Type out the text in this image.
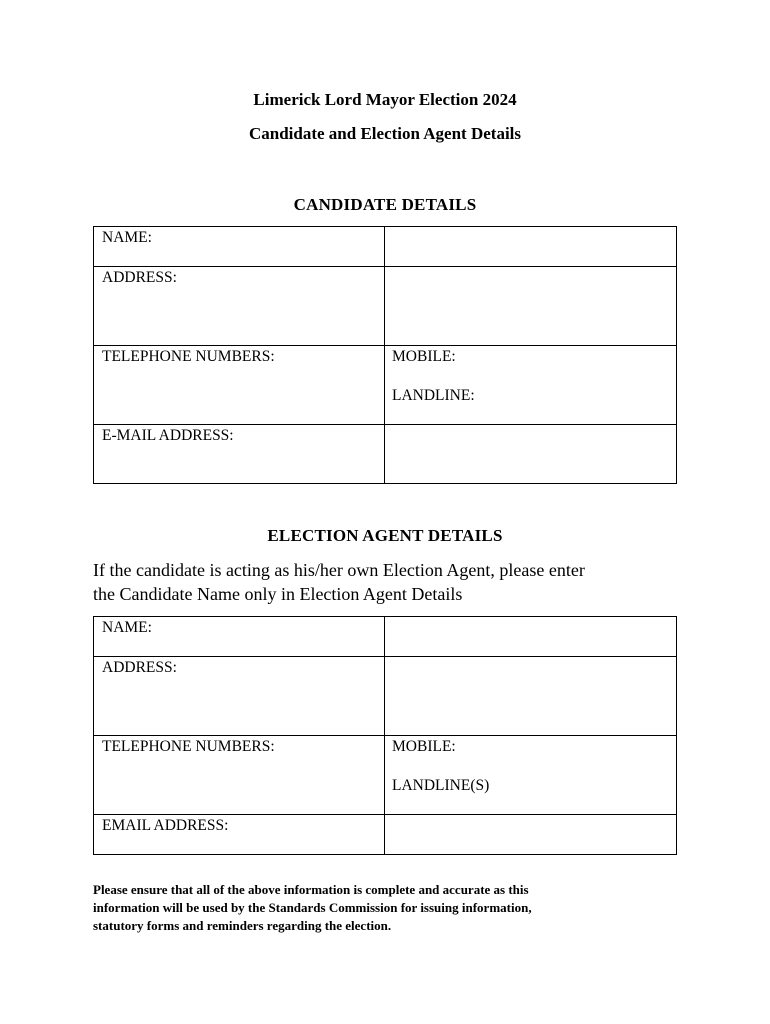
Limerick Lord Mayor Election 2024
Candidate and Election Agent Details
CANDIDATE DETAILS
NAME:	

ADDRESS:	

TELEPHONE NUMBERS:	MOBILE:
LANDLINE:

E-MAIL ADDRESS:	

ELECTION AGENT DETAILS
If the candidate is acting as his/her own Election Agent, please enter
the Candidate Name only in Election Agent Details
NAME:	

ADDRESS:	

TELEPHONE NUMBERS:	MOBILE:
LANDLINE(S)

EMAIL ADDRESS:	

Please ensure that all of the above information is complete and accurate as this
information will be used by the Standards Commission for issuing information,
statutory forms and reminders regarding the election.
